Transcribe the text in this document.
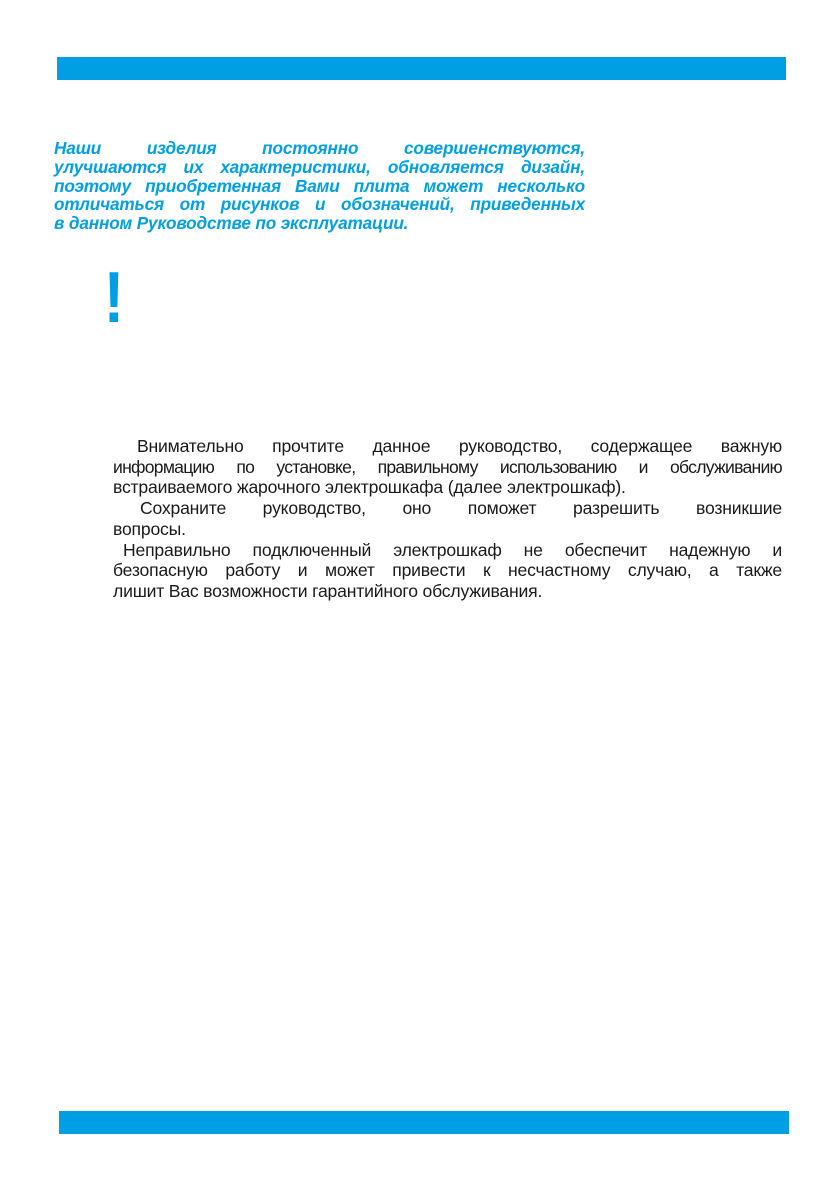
Наши изделия постоянно совершенствуются,
улучшаются их характеристики, обновляется дизайн,
поэтому приобретенная Вами плита может несколько
отличаться от рисунков и обозначений, приведенных
в данном Руководстве по эксплуатации.
!
Внимательно прочтите данное руководство, содержащее важную
информацию по установке, правильному использованию и обслуживанию
встраиваемого жарочного электрошкафа (далее электрошкаф).
Сохраните руководство, оно поможет разрешить возникшие
вопросы.
Неправильно подключенный электрошкаф не обеспечит надежную и
безопасную работу и может привести к несчастному случаю, а также
лишит Вас возможности гарантийного обслуживания.
